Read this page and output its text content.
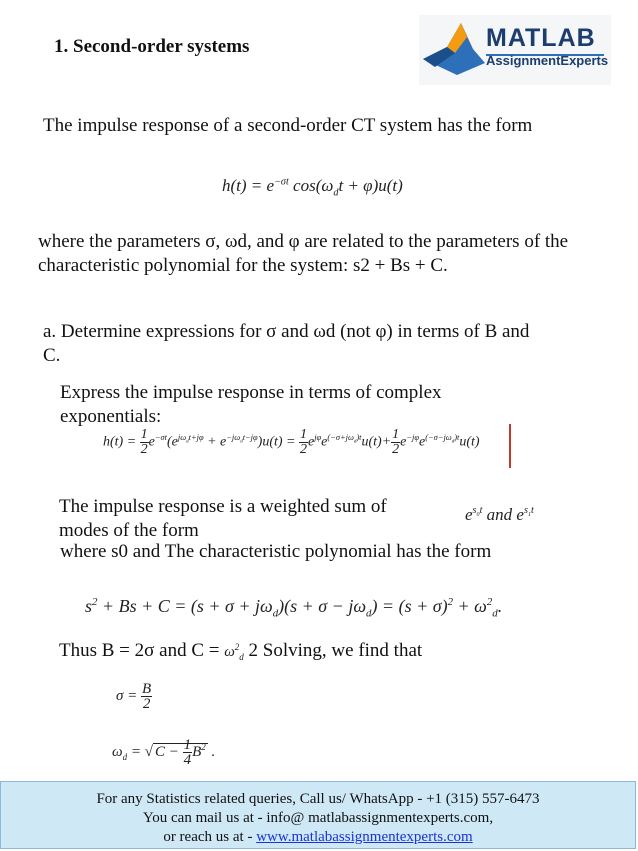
1. Second-order systems	MATLAB
AssignmentExperts
The impulse response of a second-order CT system has the form
$h(t) = e^{-\sigma t}$ $\cos(\omega_dt + \varphi)u(t)$
where the parameters σ, ωd, and φ are related to the parameters of the characteristic polynomial for the system: s2 + Bs + C.
a. Determine expressions for σ and ωd (not φ) in terms of B and C.
Express the impulse response in terms of complex exponentials:
$h(t) = \frac{1}{2} e^{-\sigma t}(e^{j\omega_dt+j\varphi} + e^{-j\omega_dt-j\varphi})u(t) = \frac{1}{2} e^{j\varphi}e^{(-\sigma+j\omega_d)t}u(t)+ \frac{1}{2} e^{-j\varphi}e^{(-\sigma-j\omega_d)t}u(t)$
The impulse response is a weighted sum of modes of the form
$e^{s_0t}$ and $e^{s_1t}$
where s0 and The characteristic polynomial has the form
$s^2 + Bs + C = (s + \sigma + j\omega_d)(s + \sigma - j\omega_d) = (s + \sigma)^2 + \omega^2_d$.
Thus B = 2σ and $C = \omega^2_d$ 2 Solving, we find that
$\sigma = \frac{B}{2}$
$\omega_d$ = √ $C - \frac{1}{4} B^2$ .
For any Statistics related queries, Call us/ WhatsApp - +1 (315) 557-6473
You can mail us at - info@ matlabassignmentexperts.com,
or reach us at - www.matlabassignmentexperts.com
